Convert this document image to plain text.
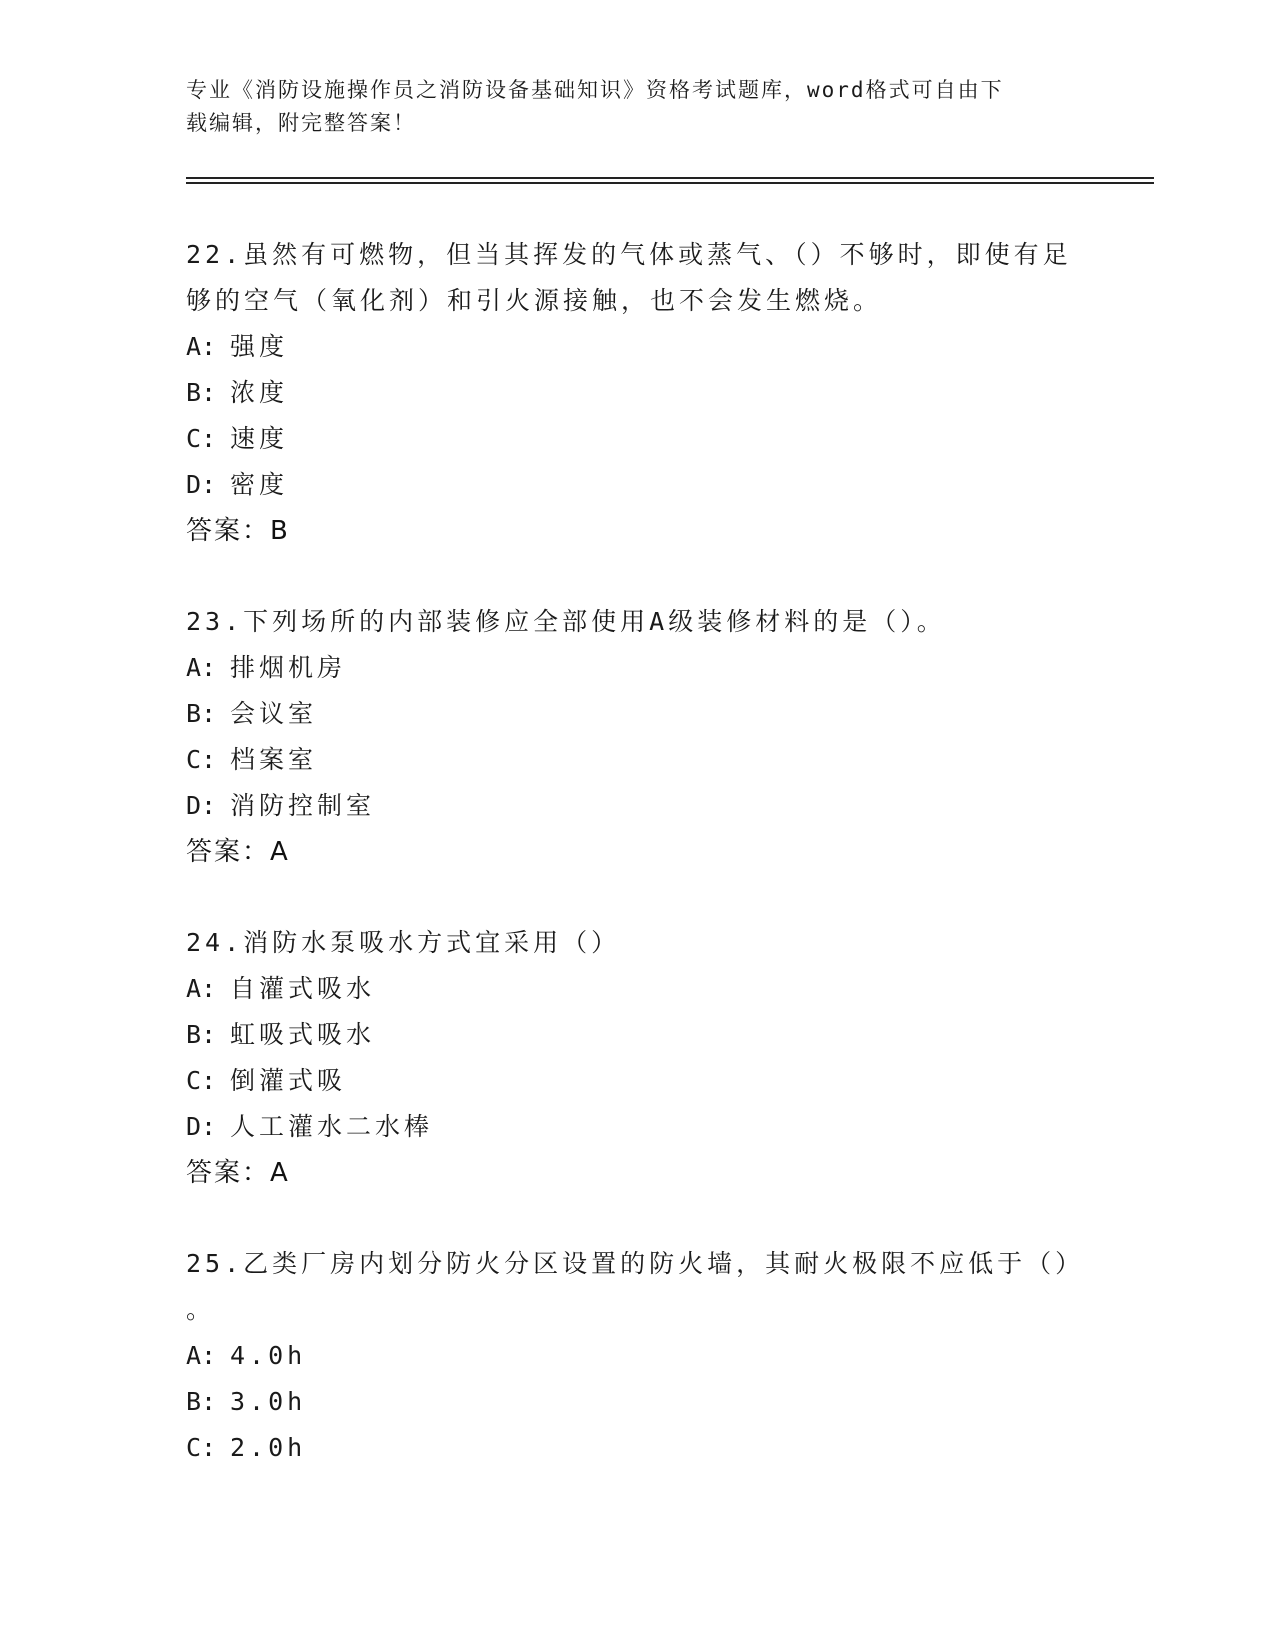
专业《消防设施操作员之消防设备基础知识》资格考试题库，word格式可自由下

载编辑，附完整答案！

22.虽然有可燃物，但当其挥发的气体或蒸气、（）不够时，即使有足

够的空气（氧化剂）和引火源接触，也不会发生燃烧。

A: 强度

B: 浓度

C: 速度

D: 密度

答案：B

23.下列场所的内部装修应全部使用A级装修材料的是（）。

A: 排烟机房

B: 会议室

C: 档案室

D: 消防控制室

答案：A

24.消防水泵吸水方式宜采用（）

A: 自灌式吸水

B: 虹吸式吸水

C: 倒灌式吸

D: 人工灌水二水棒

答案：A

25.乙类厂房内划分防火分区设置的防火墙，其耐火极限不应低于（）

。

A: 4.0h

B: 3.0h

C: 2.0h
